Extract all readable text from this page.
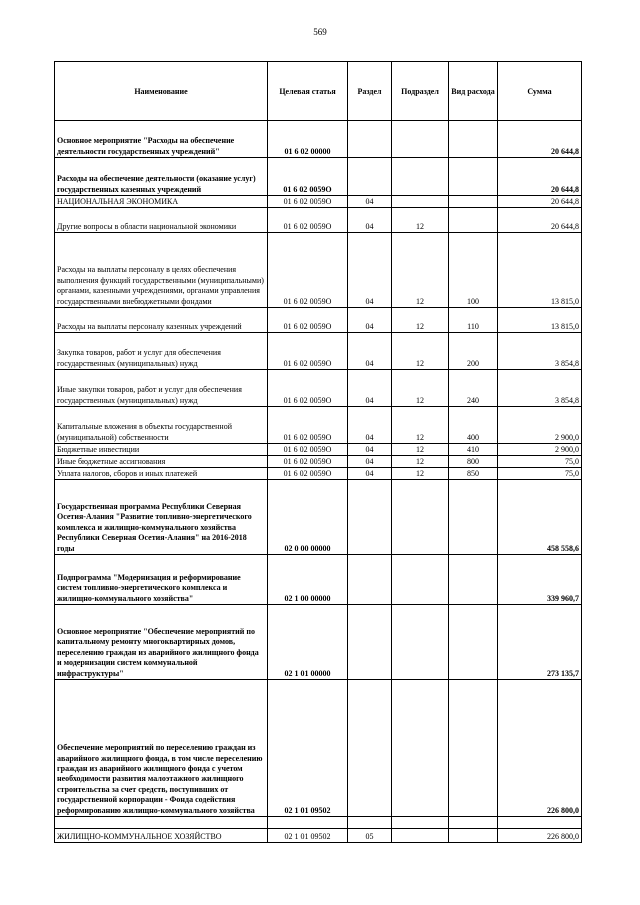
569
Наименование	Целевая статья	Раздел	Подраздел	Вид расхода	Сумма
Основное мероприятие "Расходы на обеспечение деятельности государственных учреждений"	01 6 02 00000				20 644,8
Расходы на обеспечение деятельности (оказание услуг) государственных казенных учреждений	01 6 02 0059О				20 644,8
НАЦИОНАЛЬНАЯ ЭКОНОМИКА	01 6 02 0059О	04			20 644,8
Другие вопросы в области национальной экономики	01 6 02 0059О	04	12		20 644,8
Расходы на выплаты персоналу в целях обеспечения выполнения функций государственными (муниципальными) органами, казенными учреждениями, органами управления государственными внебюджетными фондами	01 6 02 0059О	04	12	100	13 815,0
Расходы на выплаты персоналу казенных учреждений	01 6 02 0059О	04	12	110	13 815,0
Закупка товаров, работ и услуг для обеспечения государственных (муниципальных) нужд	01 6 02 0059О	04	12	200	3 854,8
Иные закупки товаров, работ и услуг для обеспечения государственных (муниципальных) нужд	01 6 02 0059О	04	12	240	3 854,8
Капитальные вложения в объекты государственной (муниципальной) собственности	01 6 02 0059О	04	12	400	2 900,0
Бюджетные инвестиции	01 6 02 0059О	04	12	410	2 900,0
Иные бюджетные ассигнования	01 6 02 0059О	04	12	800	75,0
Уплата налогов, сборов и иных платежей	01 6 02 0059О	04	12	850	75,0
Государственная программа Республики Северная Осетия-Алания "Развитие топливно-энергетического комплекса и жилищно-коммунального хозяйства Республики Северная Осетия-Алания" на 2016-2018 годы	02 0 00 00000				458 558,6
Подпрограмма "Модернизация и реформирование систем топливно-энергетического комплекса и жилищно-коммунального хозяйства"	02 1 00 00000				339 960,7
Основное мероприятие "Обеспечение мероприятий по капитальному ремонту многоквартирных домов, переселению граждан из аварийного жилищного фонда и модернизации систем коммунальной инфраструктуры"	02 1 01 00000				273 135,7
Обеспечение мероприятий по переселению граждан из аварийного жилищного фонда, в том числе переселению граждан из аварийного жилищного фонда с учетом необходимости развития малоэтажного жилищного строительства за счет средств, поступивших от государственной корпорации - Фонда содействия реформированию жилищно-коммунального хозяйства	02 1 01 09502				226 800,0

ЖИЛИЩНО-КОММУНАЛЬНОЕ ХОЗЯЙСТВО	02 1 01 09502	05			226 800,0
